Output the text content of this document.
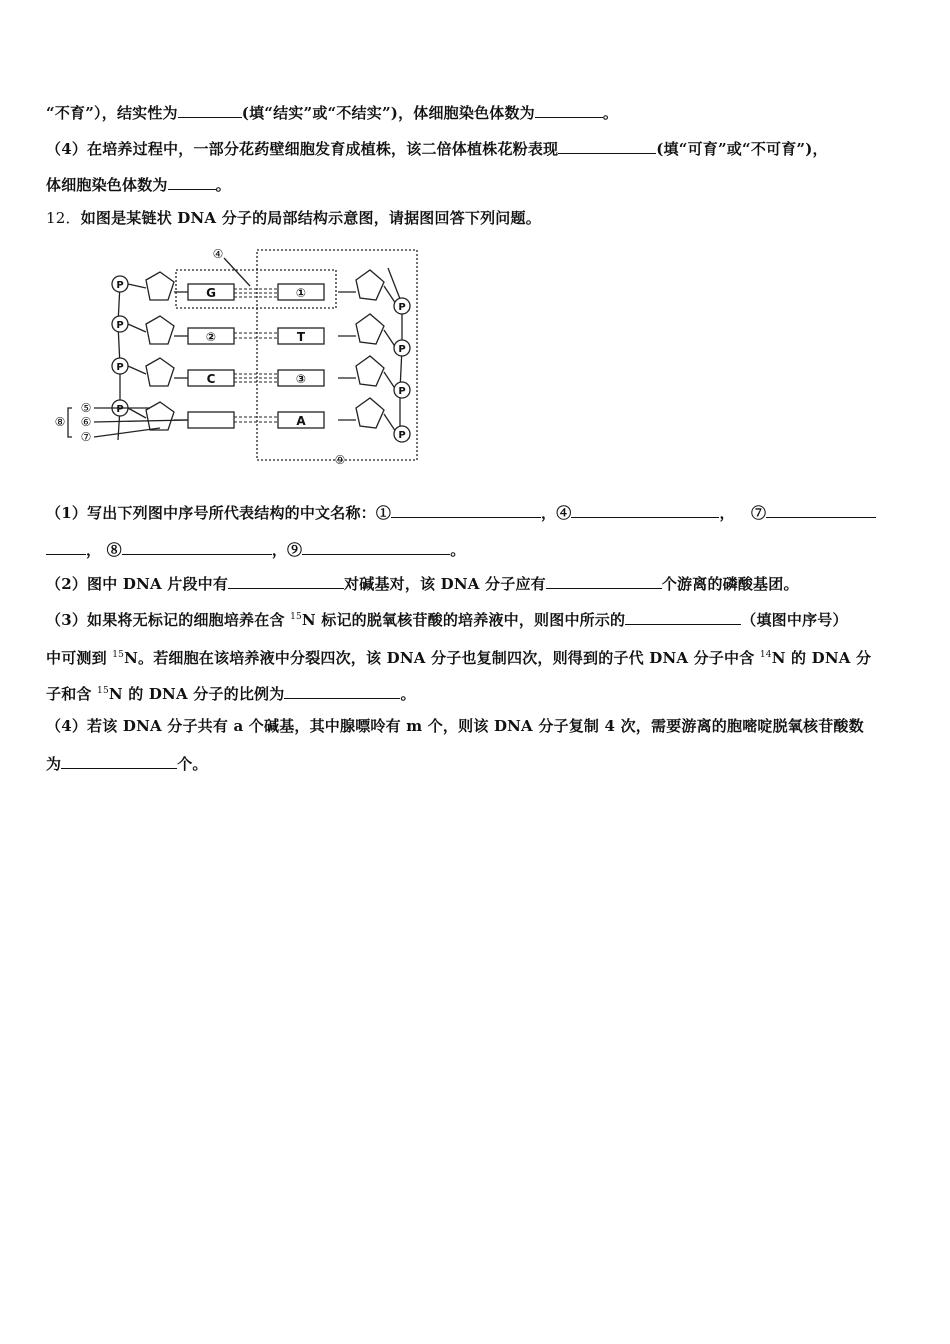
“不育”），结实性为	(填“结实”或“不结实”)，体细胞染色体数为	。
（4）在培养过程中，一部分花药壁细胞发育成植株，该二倍体植株花粉表现	(填“可育”或“不可育”)，
体细胞染色体数为	。
12．如图是某链状 DNA 分子的局部结构示意图，请据图回答下列问题。
P
P
P
P
P
P
P
P
G
②
C
①
T
③
A
④
⑤
⑥
⑦
⑧
⑨
（1）写出下列图中序号所代表结构的中文名称：①	，④	， ⑦
， ⑧	，⑨	。
（2）图中 DNA 片段中有	对碱基对，该 DNA 分子应有	个游离的磷酸基团。
（3）如果将无标记的细胞培养在含 $^{15}$N 标记的脱氧核苷酸的培养液中，则图中所示的	（填图中序号）
中可测到 $^{15}$N。若细胞在该培养液中分裂四次，该 DNA 分子也复制四次，则得到的子代 DNA 分子中含 $^{14}$N 的 DNA 分
子和含 $^{15}$N 的 DNA 分子的比例为	。
（4）若该 DNA 分子共有 a 个碱基，其中腺嘌呤有 m 个，则该 DNA 分子复制 4 次，需要游离的胞嘧啶脱氧核苷酸数
为	个。
